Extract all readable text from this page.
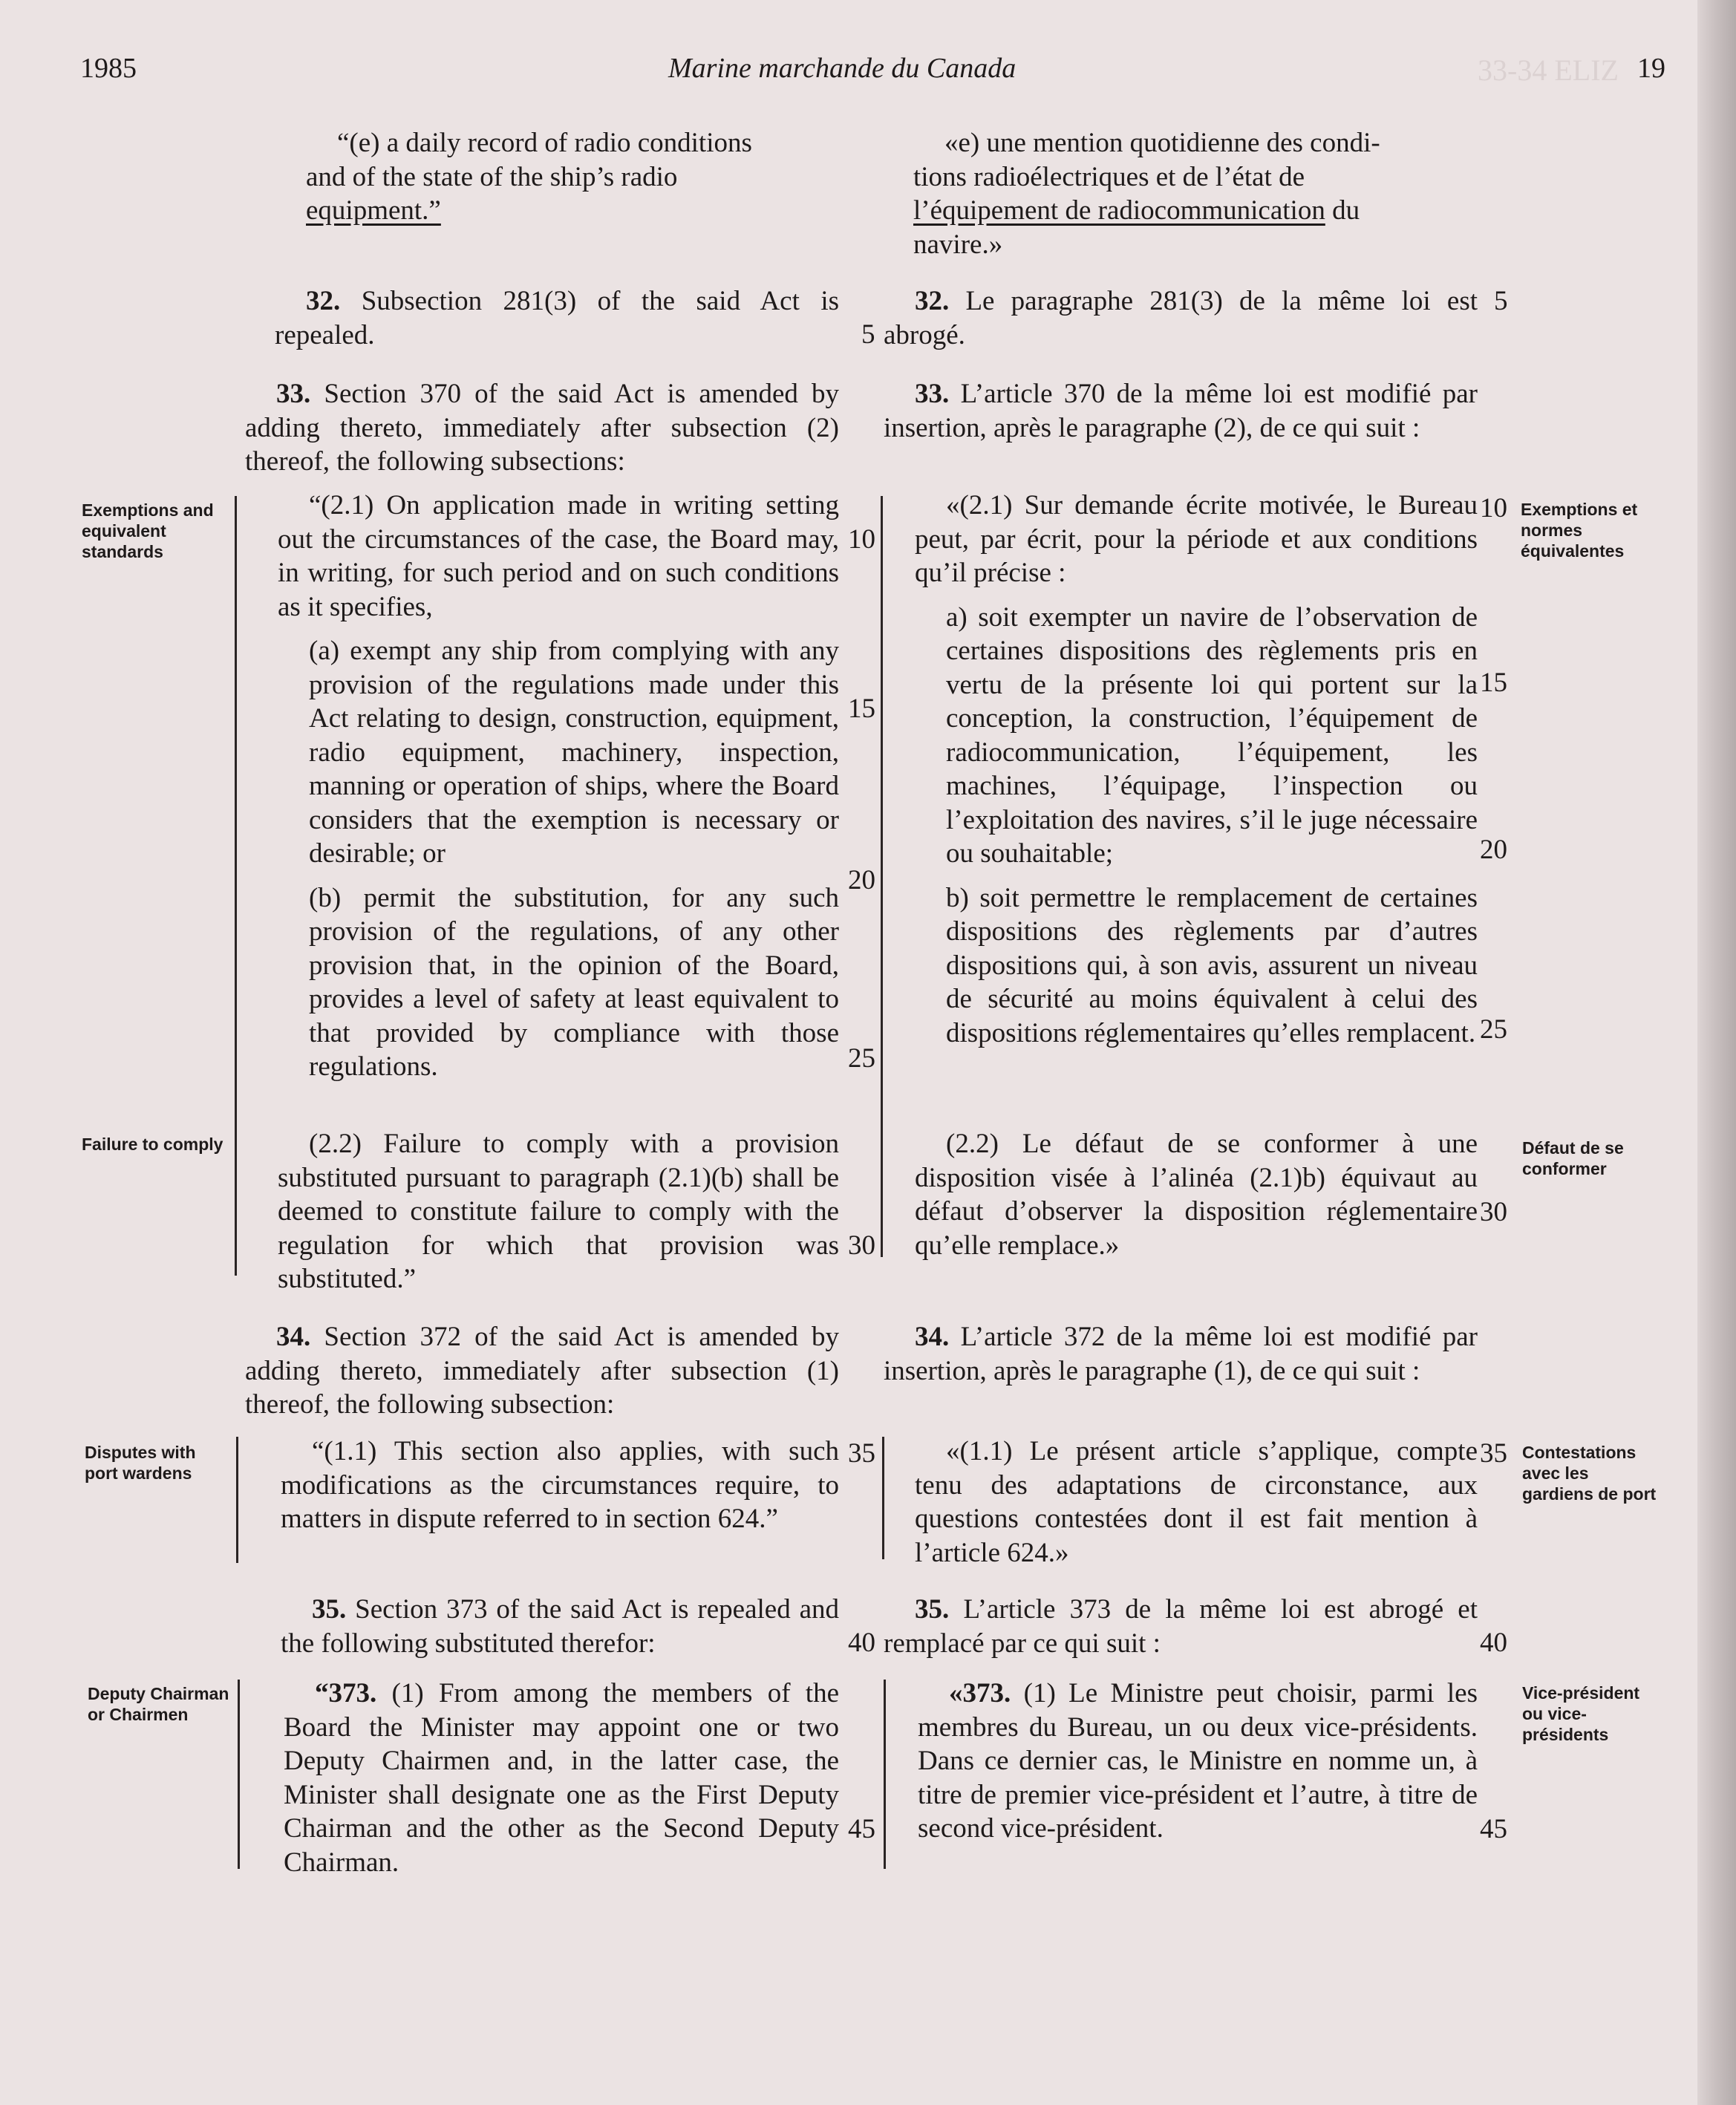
33-34 ELIZ
1985	Marine marchande du Canada	19

“(e) a daily record of radio conditions

and of the state of the ship’s radio

equipment.”

32. Subsection 281(3) of the said Act is repealed.

33. Section 370 of the said Act is amended by adding thereto, immediately after subsection (2) thereof, the following subsections:

Exemptions and equivalent standards

“(2.1) On application made in writing setting out the circumstances of the case, the Board may, in writing, for such period and on such conditions as it specifies,

(a) exempt any ship from complying with any provision of the regulations made under this Act relating to design, construction, equipment, radio equipment, machinery, inspection, manning or operation of ships, where the Board considers that the exemption is necessary or desirable; or

(b) permit the substitution, for any such provision of the regulations, of any other provision that, in the opinion of the Board, provides a level of safety at least equivalent to that provided by compliance with those regulations.

Failure to comply	(2.2) Failure to comply with a provision substituted pursuant to paragraph (2.1)(b) shall be deemed to constitute failure to comply with the regulation for which that provision was substituted.”

34. Section 372 of the said Act is amended by adding thereto, immediately after subsection (1) thereof, the following subsection:

Disputes with port wardens

“(1.1) This section also applies, with such modifications as the circumstances require, to matters in dispute referred to in section 624.”

35. Section 373 of the said Act is repealed and the following substituted therefor:

Deputy Chairman or Chairmen

“373. (1) From among the members of the Board the Minister may appoint one or two Deputy Chairmen and, in the latter case, the Minister shall designate one as the First Deputy Chairman and the other as the Second Deputy Chairman.

5
10
15
20
25
30
35
40
45

«e) une mention quotidienne des condi-

tions radioélectriques et de l’état de

l’équipement de radiocommunication du

navire.»

32. Le paragraphe 281(3) de la même loi est abrogé.

5

33. L’article 370 de la même loi est modifié par insertion, après le paragraphe (2), de ce qui suit :

«(2.1) Sur demande écrite motivée, le Bureau peut, par écrit, pour la période et aux conditions qu’il précise :

a) soit exempter un navire de l’observation de certaines dispositions des règlements pris en vertu de la présente loi qui portent sur la conception, la construction, l’équipement de radiocommunication, l’équipement, les machines, l’équipage, l’inspection ou l’exploitation des navires, s’il le juge nécessaire ou souhaitable;

b) soit permettre le remplacement de certaines dispositions des règlements par d’autres dispositions qui, à son avis, assurent un niveau de sécurité au moins équivalent à celui des dispositions réglementaires qu’elles remplacent.

10
15
20
25

(2.2) Le défaut de se conformer à une disposition visée à l’alinéa (2.1)b) équivaut au défaut d’observer la disposition réglementaire qu’elle remplace.»

30

34. L’article 372 de la même loi est modifié par insertion, après le paragraphe (1), de ce qui suit :

«(1.1) Le présent article s’applique, compte tenu des adaptations de circonstance, aux questions contestées dont il est fait mention à l’article 624.»

35

35. L’article 373 de la même loi est abrogé et remplacé par ce qui suit :	40

«373. (1) Le Ministre peut choisir, parmi les membres du Bureau, un ou deux vice-présidents. Dans ce dernier cas, le Ministre en nomme un, à titre de premier vice-président et l’autre, à titre de second vice-président.	45
Exemptions et normes équivalentes
Défaut de se conformer
Contestations avec les gardiens de port
Vice-président ou vice-présidents
